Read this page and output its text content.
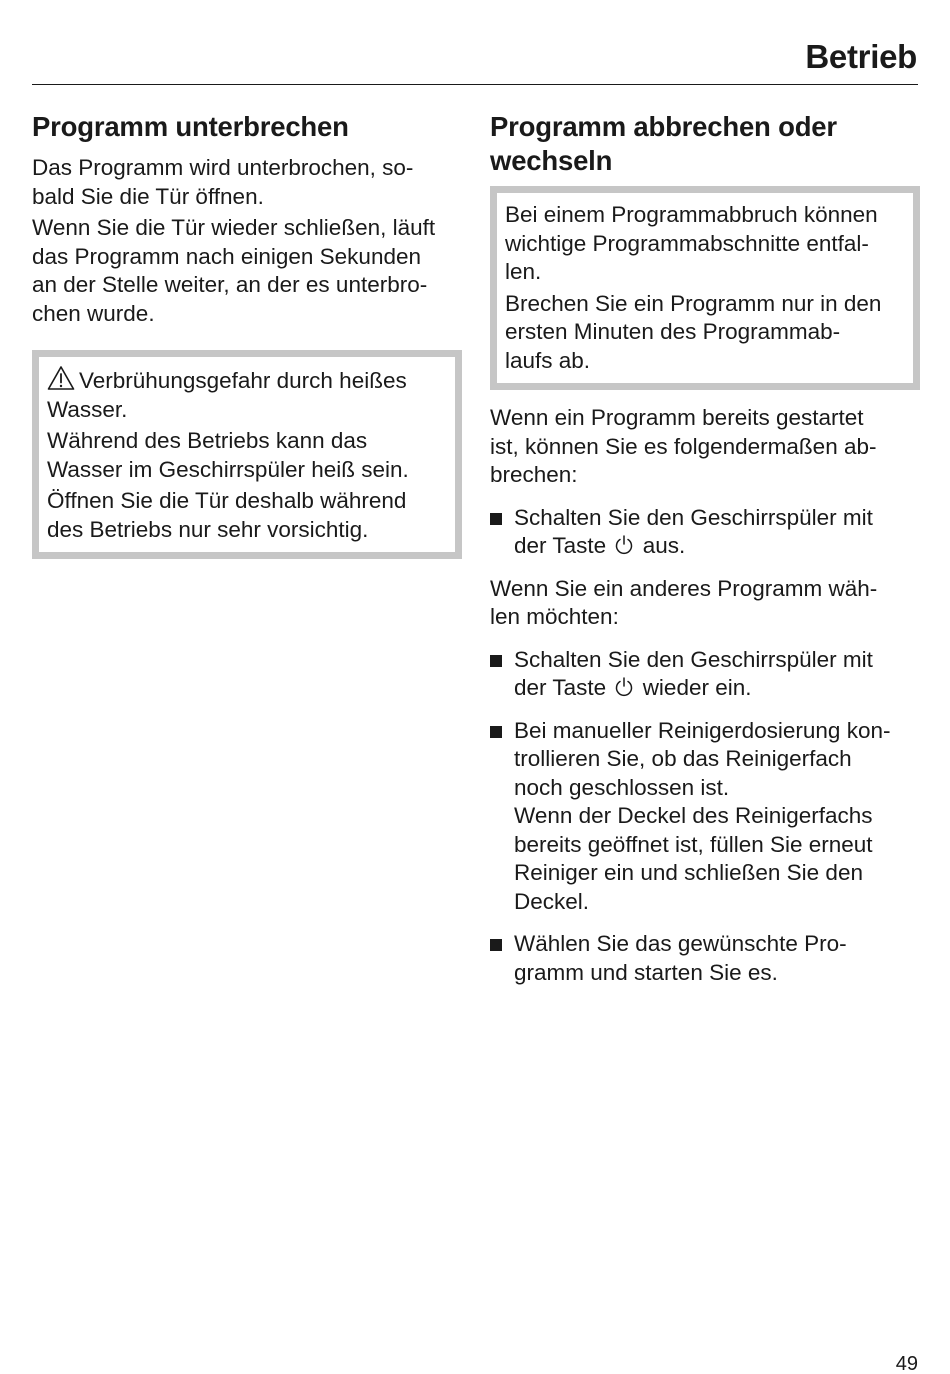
Betrieb
Programm unterbrechen
Das Programm wird unterbrochen, so-
bald Sie die Tür öffnen.
Wenn Sie die Tür wieder schließen, läuft
das Programm nach einigen Sekunden
an der Stelle weiter, an der es unterbro-
chen wurde.
Verbrühungsgefahr durch heißes
Wasser.
Während des Betriebs kann das
Wasser im Geschirrspüler heiß sein.
Öffnen Sie die Tür deshalb während
des Betriebs nur sehr vorsichtig.
Programm abbrechen oder
wechseln
Bei einem Programmabbruch können
wichtige Programmabschnitte entfal-
len.
Brechen Sie ein Programm nur in den
ersten Minuten des Programmab-
laufs ab.
Wenn ein Programm bereits gestartet
ist, können Sie es folgendermaßen ab-
brechen:
Schalten Sie den Geschirrspüler mit
der Taste aus.
Wenn Sie ein anderes Programm wäh-
len möchten:
Schalten Sie den Geschirrspüler mit
der Taste wieder ein.
Bei manueller Reinigerdosierung kon-
trollieren Sie, ob das Reinigerfach
noch geschlossen ist.
Wenn der Deckel des Reinigerfachs
bereits geöffnet ist, füllen Sie erneut
Reiniger ein und schließen Sie den
Deckel.
Wählen Sie das gewünschte Pro-
gramm und starten Sie es.
49
